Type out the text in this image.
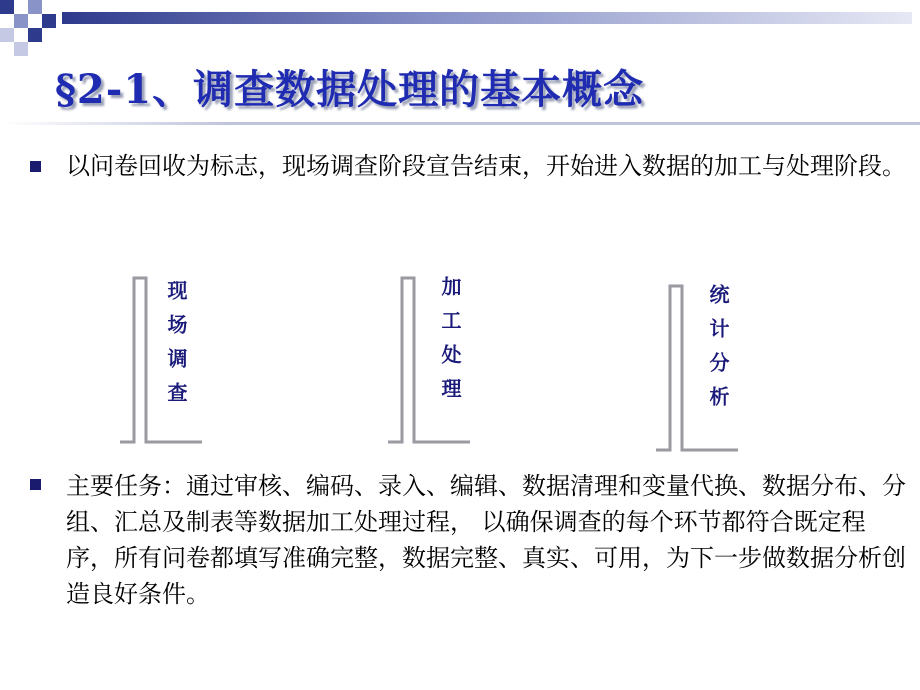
§2-1、调查数据处理的基本概念
以问卷回收为标志，现场调查阶段宣告结束，开始进入数据的加工与处理阶段。
现场调查	加工处理	统计分析
主要任务：通过审核、编码、录入、编辑、数据清理和变量代换、数据分布、分组、汇总及制表等数据加工处理过程， 以确保调查的每个环节都符合既定程序，所有问卷都填写准确完整，数据完整、真实、可用，为下一步做数据分析创造良好条件。
